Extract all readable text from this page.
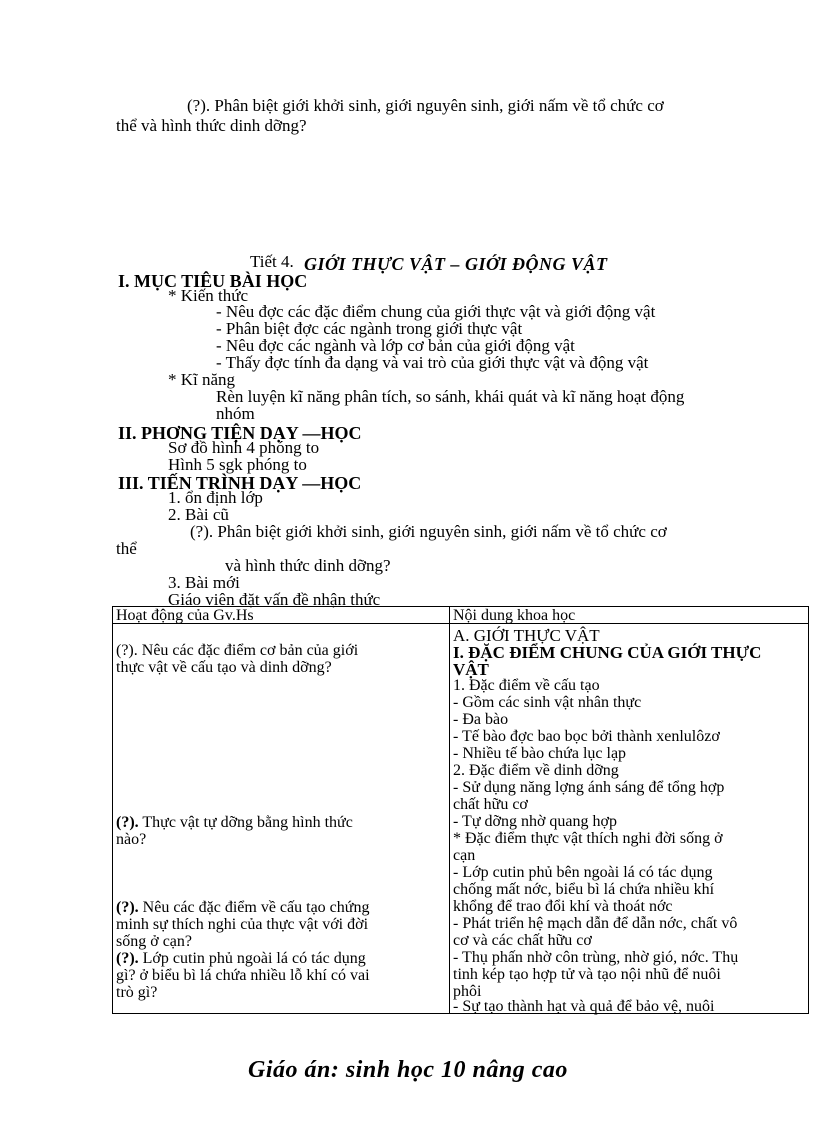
(?). Phân biệt giới khởi sinh, giới nguyên sinh, giới nấm về tổ chức cơ
thể và hình thức dinh dỡng?
Tiết 4. GIỚI THỰC VẬT – GIỚI ĐỘNG VẬT
I. MỤC TIÊU BÀI HỌC
* Kiến thức
- Nêu đợc các đặc điểm chung của giới thực vật và giới động vật
- Phân biệt đợc các ngành trong giới thực vật
- Nêu đợc các ngành và lớp cơ bản của giới động vật
- Thấy đợc tính đa dạng và vai trò của giới thực vật và động vật
* Kĩ năng
Rèn luyện kĩ năng phân tích, so sánh, khái quát và kĩ năng hoạt động
nhóm
II. PHƠNG TIỆN DẠY —HỌC
Sơ đồ hình 4 phóng to
Hình 5 sgk phóng to
III. TIẾN TRÌNH DẠY —HỌC
1. ổn định lớp
2. Bài cũ
(?). Phân biệt giới khởi sinh, giới nguyên sinh, giới nấm về tổ chức cơ
thể
và hình thức dinh dỡng?
3. Bài mới
Giáo viên đặt vấn đề nhận thức
Hoạt động của Gv.Hs	Nội dung khoa học
(?). Nêu các đặc điểm cơ bản của giới
thực vật về cấu tạo và dinh dỡng?
(?). Thực vật tự dỡng bằng hình thức
nào?
(?). Nêu các đặc điểm về cấu tạo chứng
minh sự thích nghi của thực vật với đời
sống ở cạn?
(?). Lớp cutin phủ ngoài lá có tác dụng
gì? ở biểu bì lá chứa nhiều lỗ khí có vai
trò gì?
A. GIỚI THỰC VẬT
I. ĐẶC ĐIỂM CHUNG CỦA GIỚI THỰC
VẬT
1. Đặc điểm về cấu tạo
- Gồm các sinh vật nhân thực
- Đa bào
- Tế bào đợc bao bọc bởi thành xenlulôzơ
- Nhiều tế bào chứa lục lạp
2. Đặc điểm về dinh dỡng
- Sử dụng năng lợng ánh sáng để tổng hợp
chất hữu cơ
- Tự dỡng nhờ quang hợp
* Đặc điểm thực vật thích nghi đời sống ở
cạn
- Lớp cutin phủ bên ngoài lá có tác dụng
chống mất nớc, biểu bì lá chứa nhiều khí
khổng để trao đổi khí và thoát nớc
- Phát triển hệ mạch dẫn để dẫn nớc, chất vô
cơ và các chất hữu cơ
- Thụ phấn nhờ côn trùng, nhờ gió, nớc. Thụ
tinh kép tạo hợp tử và tạo nội nhũ để nuôi
phôi
- Sự tạo thành hạt và quả để bảo vệ, nuôi
Giáo án: sinh học 10 nâng cao
